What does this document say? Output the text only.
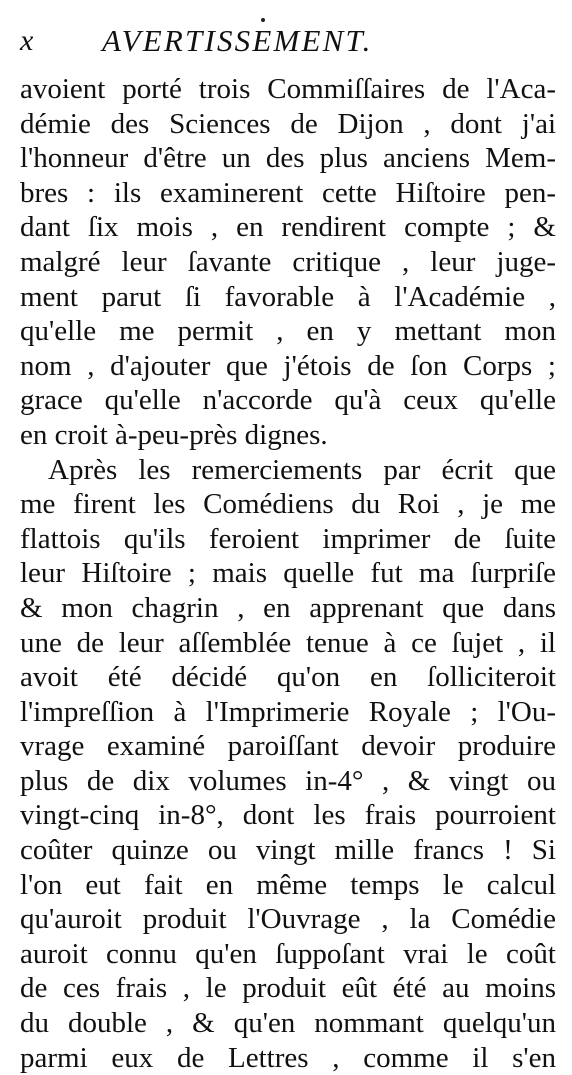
x AVERTISSEMENT.
avoient porté trois Commiſſaires de l'Aca-
démie des Sciences de Dijon , dont j'ai
l'honneur d'être un des plus anciens Mem-
bres : ils examinerent cette Hiſtoire pen-
dant ſix mois , en rendirent compte ; &
malgré leur ſavante critique , leur juge-
ment parut ſi favorable à l'Académie ,
qu'elle me permit , en y mettant mon
nom , d'ajouter que j'étois de ſon Corps ;
grace qu'elle n'accorde qu'à ceux qu'elle
en croit à-peu-près dignes.
Après les remerciements par écrit que
me firent les Comédiens du Roi , je me
flattois qu'ils feroient imprimer de ſuite
leur Hiſtoire ; mais quelle fut ma ſurpriſe
& mon chagrin , en apprenant que dans
une de leur aſſemblée tenue à ce ſujet , il
avoit été décidé qu'on en ſolliciteroit
l'impreſſion à l'Imprimerie Royale ; l'Ou-
vrage examiné paroiſſant devoir produire
plus de dix volumes in-4° , & vingt ou
vingt-cinq in-8°, dont les frais pourroient
coûter quinze ou vingt mille francs ! Si
l'on eut fait en même temps le calcul
qu'auroit produit l'Ouvrage , la Comédie
auroit connu qu'en ſuppoſant vrai le coût
de ces frais , le produit eût été au moins
du double , & qu'en nommant quelqu'un
parmi eux de Lettres , comme il s'en
